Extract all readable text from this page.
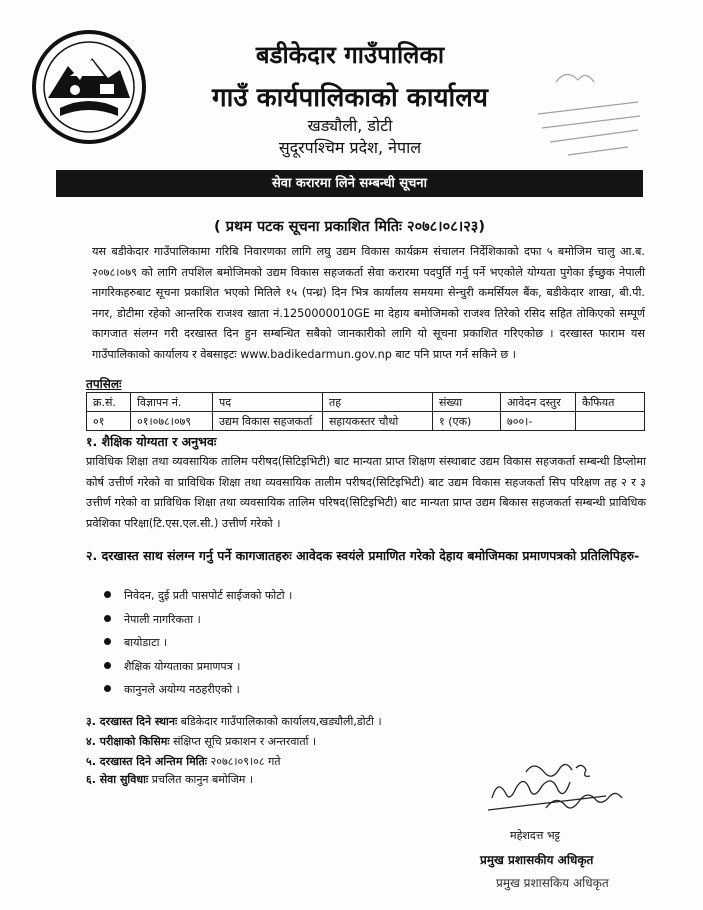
बडीकेदार गाउँपालिका
गाउँ कार्यपालिकाको कार्यालय
खड्यौली, डोटी
सुदूरपश्चिम प्रदेश, नेपाल
सेवा करारमा लिने सम्बन्धी सूचना
( प्रथम पटक सूचना प्रकाशित मितिः २०७८।०८।२३)

यस बडीकेदार गाउँपालिकामा गरिबि निवारणका लागि लघु उद्यम विकास कार्यक्रम संचालन निर्देशिकाको दफा ५ बमोजिम चालु आ.ब. २०७८।०७९ को लागि तपशिल बमोजिमको उद्यम विकास सहजकर्ता सेवा करारमा पदपुर्ति गर्नु पर्ने भएकोले योग्यता पुगेका ईच्छुक नेपाली नागरिकहरुबाट सूचना प्रकाशित भएको मितिले १५ (पन्ध्र) दिन भित्र कार्यालय समयमा सेन्चुरी कमर्सियल बैंक, बडीकेदार शाखा, बी.पी. नगर, डोटीमा रहेको आन्तरिक राजश्व खाता नं.1250000010GE मा देहाय बमोजिमको राजश्व तिरेको रसिद सहित तोकिएको सम्पूर्ण कागजात संलग्न गरी दरखास्त दिन हुन सम्बन्धित सबैको जानकारीको लागि यो सूचना प्रकाशित गरिएकोछ । दरखास्त फाराम यस गाउँपालिकाको कार्यालय र वेबसाइटः www.badikedarmun.gov.np बाट पनि प्राप्त गर्न सकिने छ ।

तपसिलः
क्र.सं.	विज्ञापन नं.	पद	तह	संख्या	आवेदन दस्तुर	कैफियत
०१	०१।०७८।०७९	उद्यम विकास सहजकर्ता	सहायकस्तर चौथो	१ (एक)	७००।-	
१. शैक्षिक योग्यता र अनुभवः

प्राविधिक शिक्षा तथा व्यवसायिक तालिम परीषद(सिटिइभिटी) बाट मान्यता प्राप्त शिक्षण संस्थाबाट उद्यम विकास सहजकर्ता सम्बन्धी डिप्लोमा कोर्ष उत्तीर्ण गरेको वा प्राविधिक शिक्षा तथा व्यवसायिक तालीम परीषद(सिटिइभिटी) बाट उद्यम विकास सहजकर्ता सिप परिक्षण तह २ र ३ उत्तीर्ण गरेको वा प्राविधिक शिक्षा तथा व्यवसायिक तालिम परिषद(सिटिइभिटी) बाट मान्यता प्राप्त उद्यम बिकास सहजकर्ता सम्बन्धी प्राविधिक प्रवेशिका परिक्षा(टि.एस.एल.सी.) उत्तीर्ण गरेको ।

२. दरखास्त साथ संलग्न गर्नु पर्ने कागजातहरुः आवेदक स्वयंले प्रमाणित गरेको देहाय बमोजिमका प्रमाणपत्रको प्रतिलिपिहरु-
निवेदन, दुई प्रती पासपोर्ट साईजको फोटो ।
नेपाली नागरिकता ।
बायोडाटा ।
शैक्षिक योग्यताका प्रमाणपत्र ।
कानुनले अयोग्य नठहरीएको ।
३. दरखास्त दिने स्थानः बडिकेदार गाउँपालिकाको कार्यालय,खड्यौली,डोटी ।
४. परीक्षाको किसिमः संक्षिप्त सूचि प्रकाशन र अन्तरवार्ता ।
५. दरखास्त दिने अन्तिम मितिः २०७८।०९।०८ गते
६. सेवा सुविधाः प्रचलित कानुन बमोजिम ।
महेशदत्त भट्ट
प्रमुख प्रशासकीय अधिकृत
प्रमुख प्रशासकिय अधिकृत
